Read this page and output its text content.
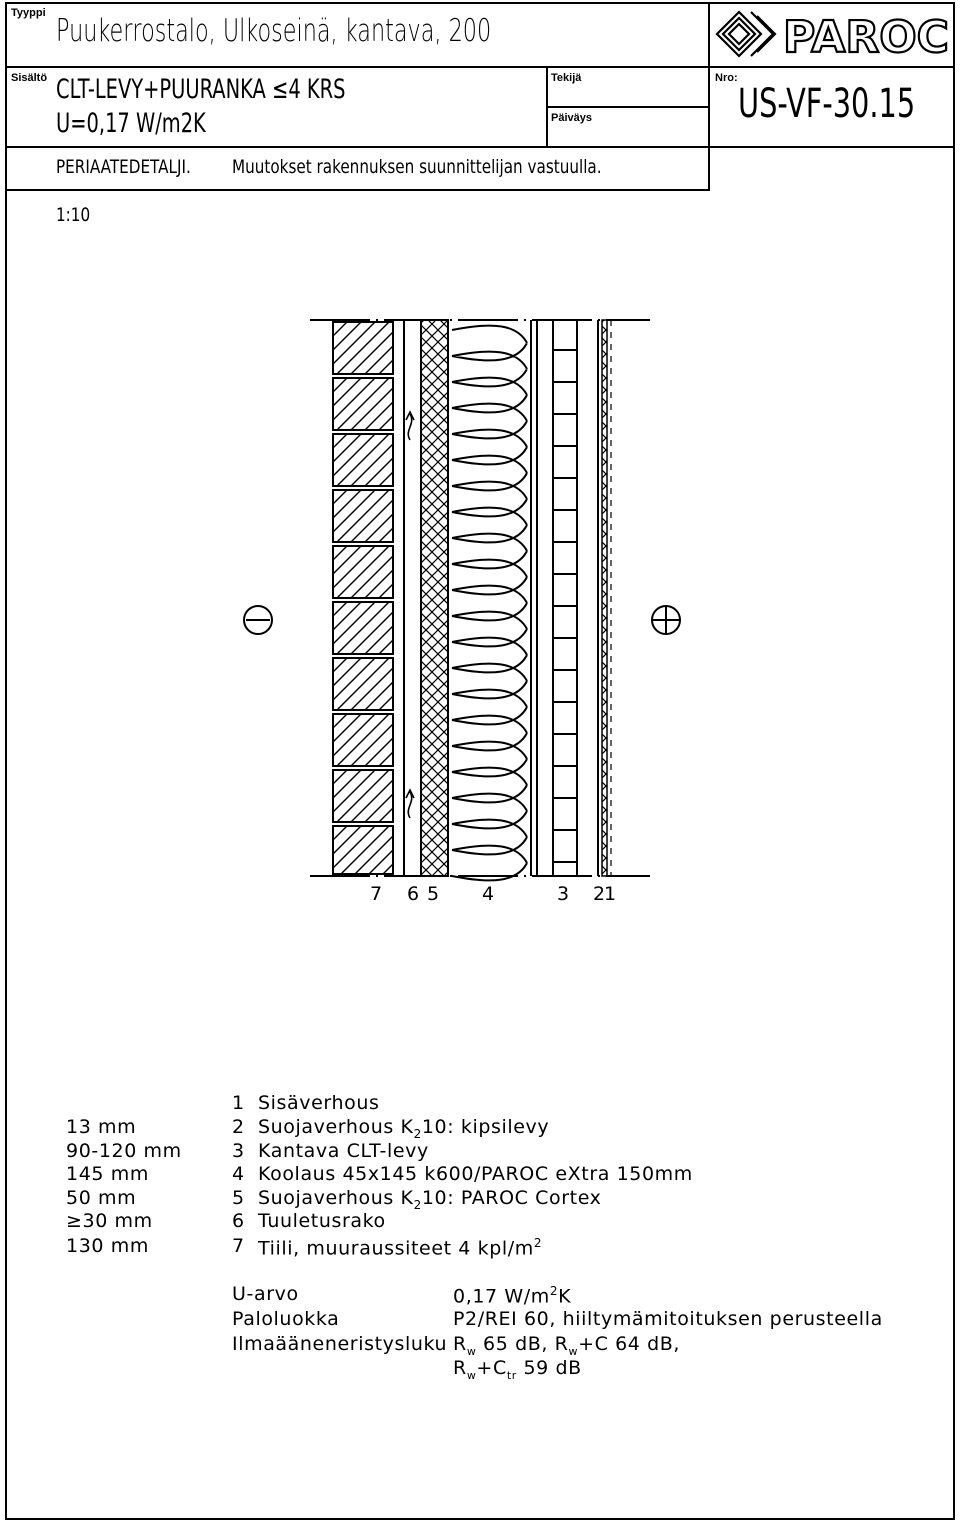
Tyyppi Puukerrostalo, Ulkoseinä, kantava, 200
Sisältö CLT-LEVY+PUURANKA ≤4 KRS
U=0,17 W/m2K
Tekijä
Päiväys
Nro:
US-VF-30.15
PAROC
PERIAATEDETALJI. Muutokset rakennuksen suunnittelijan vastuulla.
1:10
7 6 5 4	3 2
1
1 Sisäverhous
13 mm	2 Suojaverhous $K_210$: kipsilevy
90-120 mm	3 Kantava CLT-levy
145 mm	4 Koolaus 45x145 k600/PAROC eXtra 150mm
50 mm	5 Suojaverhous $K_210$: PAROC Cortex
≥30 mm	6 Tuuletusrako
130 mm	7 Tiili, muuraussiteet 4 kpl/$m^2$
U-arvo	0,17 $W/m^2K$
Paloluokka	P2/REI 60, hiiltymämitoituksen perusteella
Ilmaääneneristysluku $R_w$ 65 dB, $R_w+C$ 64 dB,
$R_w+C_{tr}$ 59 dB
